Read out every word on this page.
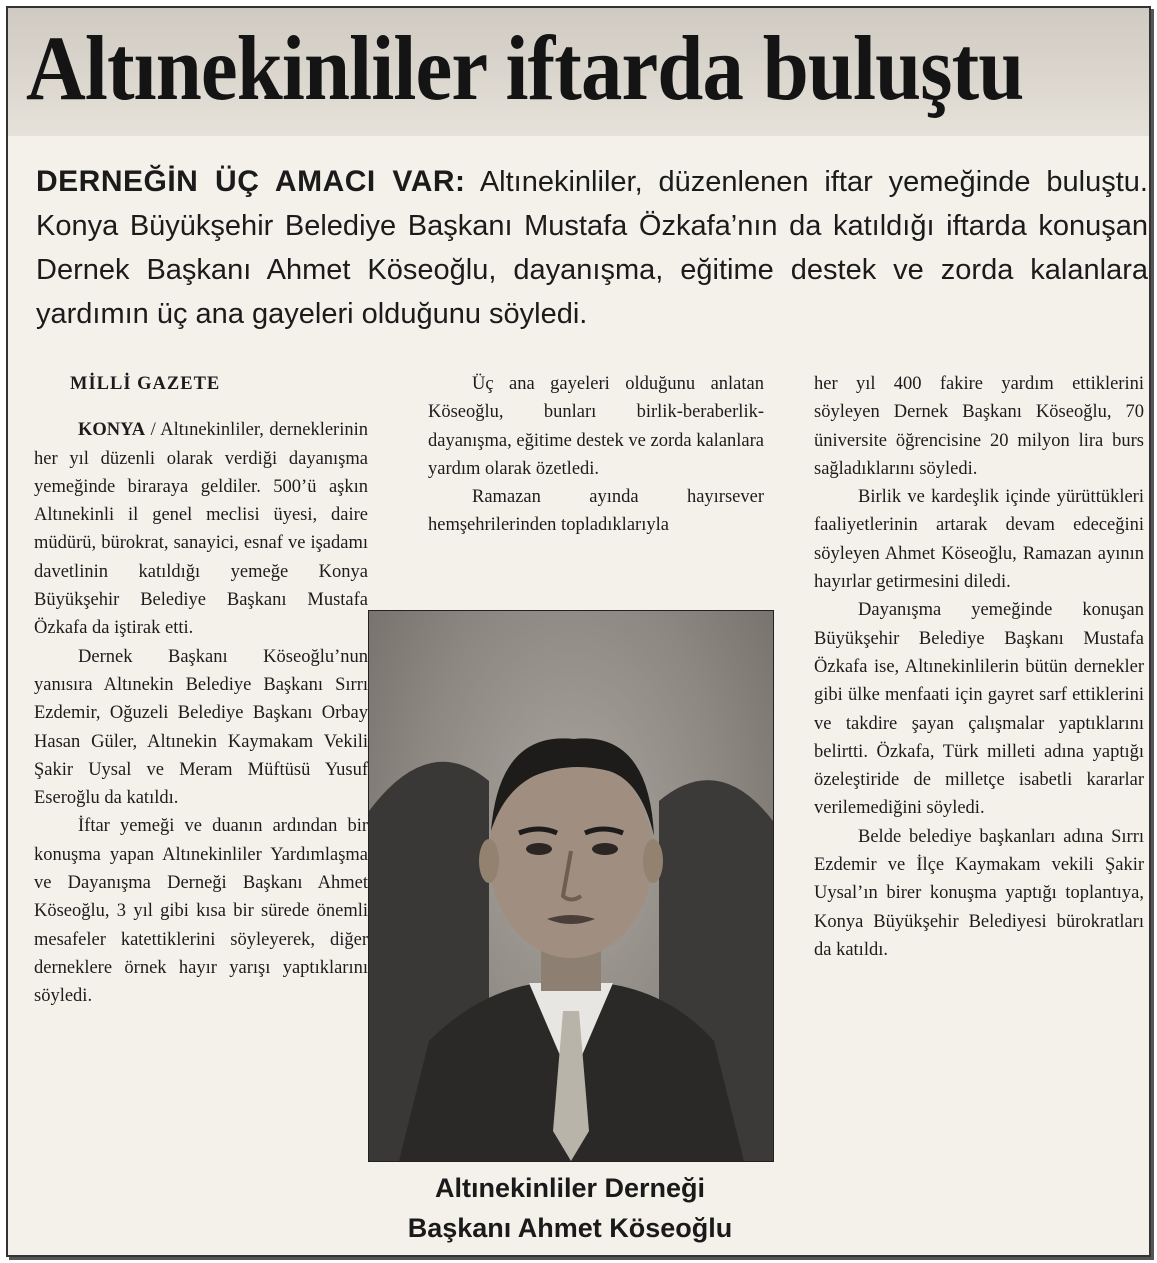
Altınekinliler iftarda buluştu
DERNEĞİN ÜÇ AMACI VAR: Altınekinliler, düzenlenen iftar yemeğinde buluştu. Konya Büyükşehir Belediye Başkanı Mustafa Özkafa’nın da katıldığı iftarda konuşan Dernek Başkanı Ahmet Köseoğlu, dayanışma, eğitime destek ve zorda kalanlara yardımın üç ana gayeleri olduğunu söyledi.

MİLLİ GAZETE

KONYA / Altınekinliler, derneklerinin her yıl düzenli olarak verdiği dayanışma yemeğinde biraraya geldiler. 500’ü aşkın Altınekinli il genel meclisi üyesi, daire müdürü, bürokrat, sanayici, esnaf ve işadamı davetlinin katıldığı yemeğe Konya Büyükşehir Belediye Başkanı Mustafa Özkafa da iştirak etti.

Dernek Başkanı Köseoğlu’nun yanısıra Altınekin Belediye Başkanı Sırrı Ezdemir, Oğuzeli Belediye Başkanı Orbay Hasan Güler, Altınekin Kaymakam Vekili Şakir Uysal ve Meram Müftüsü Yusuf Eseroğlu da katıldı.

İftar yemeği ve duanın ardından bir konuşma yapan Altınekinliler Yardımlaşma ve Dayanışma Derneği Başkanı Ahmet Köseoğlu, 3 yıl gibi kısa bir sürede önemli mesafeler katettiklerini söyleyerek, diğer derneklere örnek hayır yarışı yaptıklarını söyledi.

Üç ana gayeleri olduğunu anlatan Köseoğlu, bunları birlik-beraberlik-dayanışma, eğitime destek ve zorda kalanlara yardım olarak özetledi.

Ramazan ayında hayırsever hemşehrilerinden topladıklarıyla

her yıl 400 fakire yardım ettiklerini söyleyen Dernek Başkanı Köseoğlu, 70 üniversite öğrencisine 20 milyon lira burs sağladıklarını söyledi.

Birlik ve kardeşlik içinde yürüttükleri faaliyetlerinin artarak devam edeceğini söyleyen Ahmet Köseoğlu, Ramazan ayının hayırlar getirmesini diledi.

Dayanışma yemeğinde konuşan Büyükşehir Belediye Başkanı Mustafa Özkafa ise, Altınekinlilerin bütün dernekler gibi ülke menfaati için gayret sarf ettiklerini ve takdire şayan çalışmalar yaptıklarını belirtti. Özkafa, Türk milleti adına yaptığı özeleştiride de milletçe isabetli kararlar verilemediğini söyledi.

Belde belediye başkanları adına Sırrı Ezdemir ve İlçe Kaymakam vekili Şakir Uysal’ın birer konuşma yaptığı toplantıya, Konya Büyükşehir Belediyesi bürokratları da katıldı.

Altınekinliler Derneği
Başkanı Ahmet Köseoğlu
